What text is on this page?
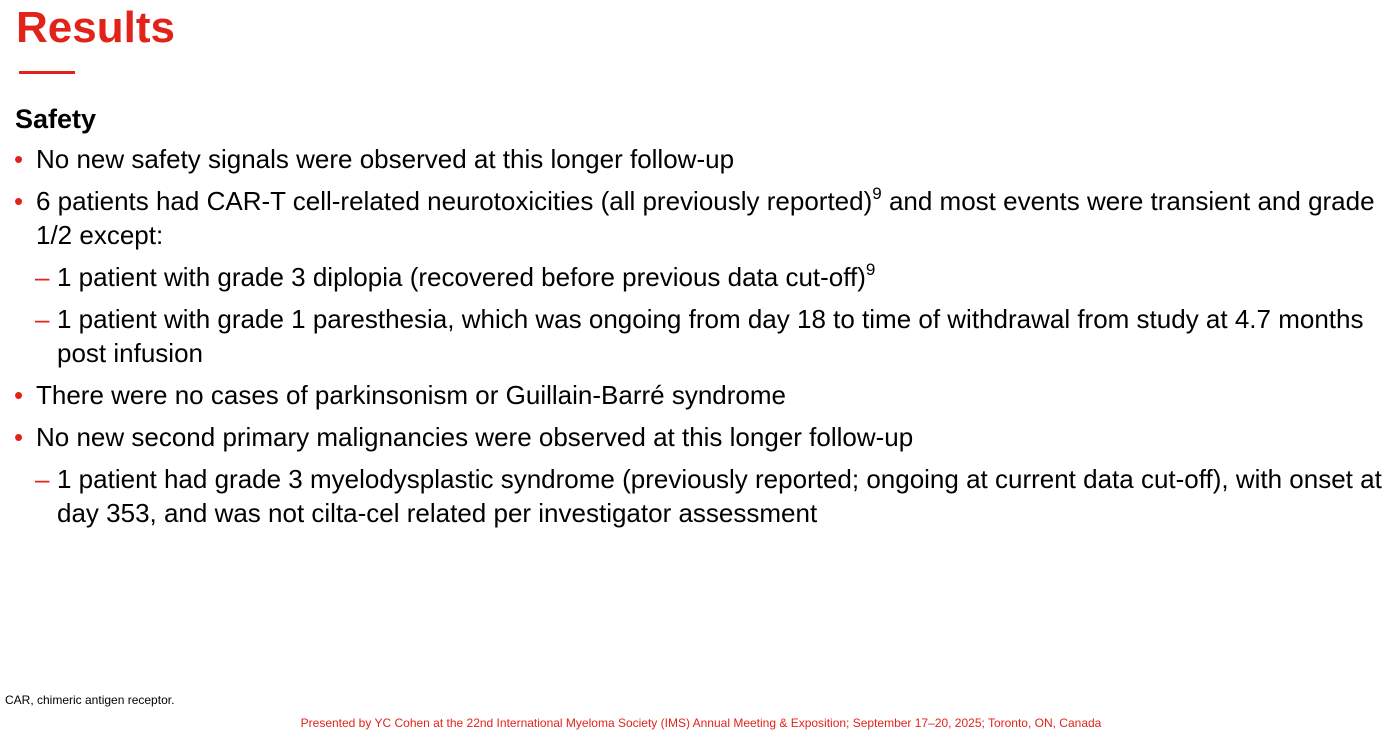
Results
Safety
• No new safety signals were observed at this longer follow-up
• 6 patients had CAR-T cell-related neurotoxicities (all previously reported)$^9$ and most events were transient and grade 1/2 except:
– 1 patient with grade 3 diplopia (recovered before previous data cut-off)$^9$
– 1 patient with grade 1 paresthesia, which was ongoing from day 18 to time of withdrawal from study at 4.7 months post infusion
• There were no cases of parkinsonism or Guillain-Barré syndrome
• No new second primary malignancies were observed at this longer follow-up
– 1 patient had grade 3 myelodysplastic syndrome (previously reported; ongoing at current data cut-off), with onset at day 353, and was not cilta-cel related per investigator assessment
CAR, chimeric antigen receptor.
Presented by YC Cohen at the 22nd International Myeloma Society (IMS) Annual Meeting & Exposition; September 17–20, 2025; Toronto, ON, Canada
